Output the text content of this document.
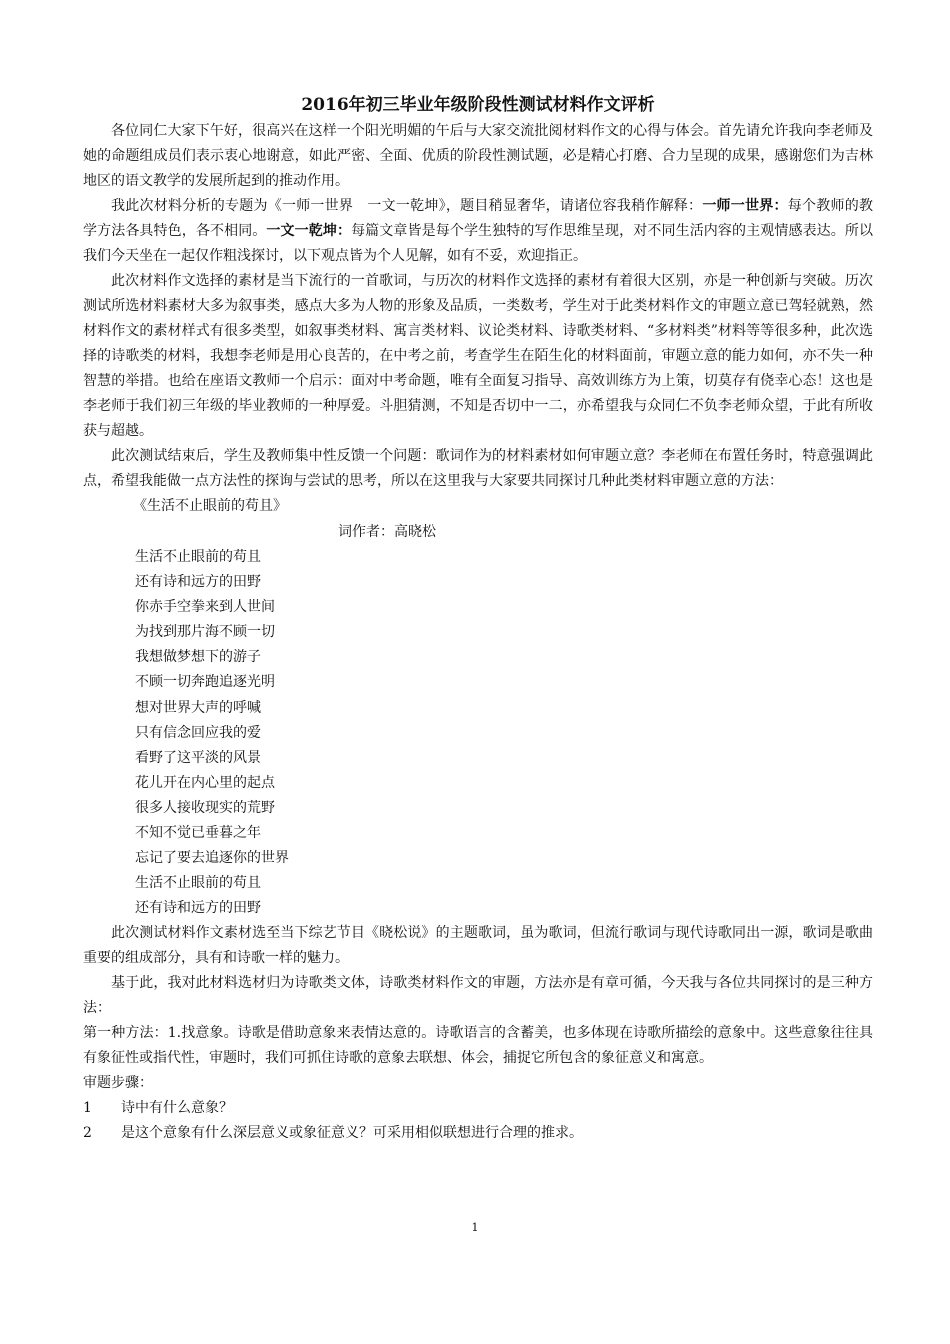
2016年初三毕业年级阶段性测试材料作文评析

各位同仁大家下午好，很高兴在这样一个阳光明媚的午后与大家交流批阅材料作文的心得与体会。首先请允许我向李老师及她的命题组成员们表示衷心地谢意，如此严密、全面、优质的阶段性测试题，必是精心打磨、合力呈现的成果，感谢您们为吉林地区的语文教学的发展所起到的推动作用。

我此次材料分析的专题为《一师一世界　一文一乾坤》，题目稍显奢华，请诸位容我稍作解释：一师一世界：每个教师的教学方法各具特色，各不相同。一文一乾坤：每篇文章皆是每个学生独特的写作思维呈现，对不同生活内容的主观情感表达。所以我们今天坐在一起仅作粗浅探讨，以下观点皆为个人见解，如有不妥，欢迎指正。

此次材料作文选择的素材是当下流行的一首歌词，与历次的材料作文选择的素材有着很大区别，亦是一种创新与突破。历次测试所选材料素材大多为叙事类，感点大多为人物的形象及品质，一类数考，学生对于此类材料作文的审题立意已驾轻就熟，然材料作文的素材样式有很多类型，如叙事类材料、寓言类材料、议论类材料、诗歌类材料、“多材料类”材料等等很多种，此次选择的诗歌类的材料，我想李老师是用心良苦的，在中考之前，考查学生在陌生化的材料面前，审题立意的能力如何，亦不失一种智慧的举措。也给在座语文教师一个启示：面对中考命题，唯有全面复习指导、高效训练方为上策，切莫存有侥幸心态！这也是李老师于我们初三年级的毕业教师的一种厚爱。斗胆猜测，不知是否切中一二，亦希望我与众同仁不负李老师众望，于此有所收获与超越。

此次测试结束后，学生及教师集中性反馈一个问题：歌词作为的材料素材如何审题立意？李老师在布置任务时，特意强调此点，希望我能做一点方法性的探询与尝试的思考，所以在这里我与大家要共同探讨几种此类材料审题立意的方法：

《生活不止眼前的苟且》

词作者：高晓松

生活不止眼前的苟且

还有诗和远方的田野

你赤手空拳来到人世间

为找到那片海不顾一切

我想做梦想下的游子

不顾一切奔跑追逐光明

想对世界大声的呼喊

只有信念回应我的爱

看野了这平淡的风景

花儿开在内心里的起点

很多人接收现实的荒野

不知不觉已垂暮之年

忘记了要去追逐你的世界

生活不止眼前的苟且

还有诗和远方的田野

此次测试材料作文素材选至当下综艺节目《晓松说》的主题歌词，虽为歌词，但流行歌词与现代诗歌同出一源，歌词是歌曲重要的组成部分，具有和诗歌一样的魅力。

基于此，我对此材料选材归为诗歌类文体，诗歌类材料作文的审题，方法亦是有章可循，今天我与各位共同探讨的是三种方法：

第一种方法：1.找意象。诗歌是借助意象来表情达意的。诗歌语言的含蓄美，也多体现在诗歌所描绘的意象中。这些意象往往具有象征性或指代性，审题时，我们可抓住诗歌的意象去联想、体会，捕捉它所包含的象征意义和寓意。

审题步骤：

1	诗中有什么意象？
2	是这个意象有什么深层意义或象征意义？可采用相似联想进行合理的推求。
1
